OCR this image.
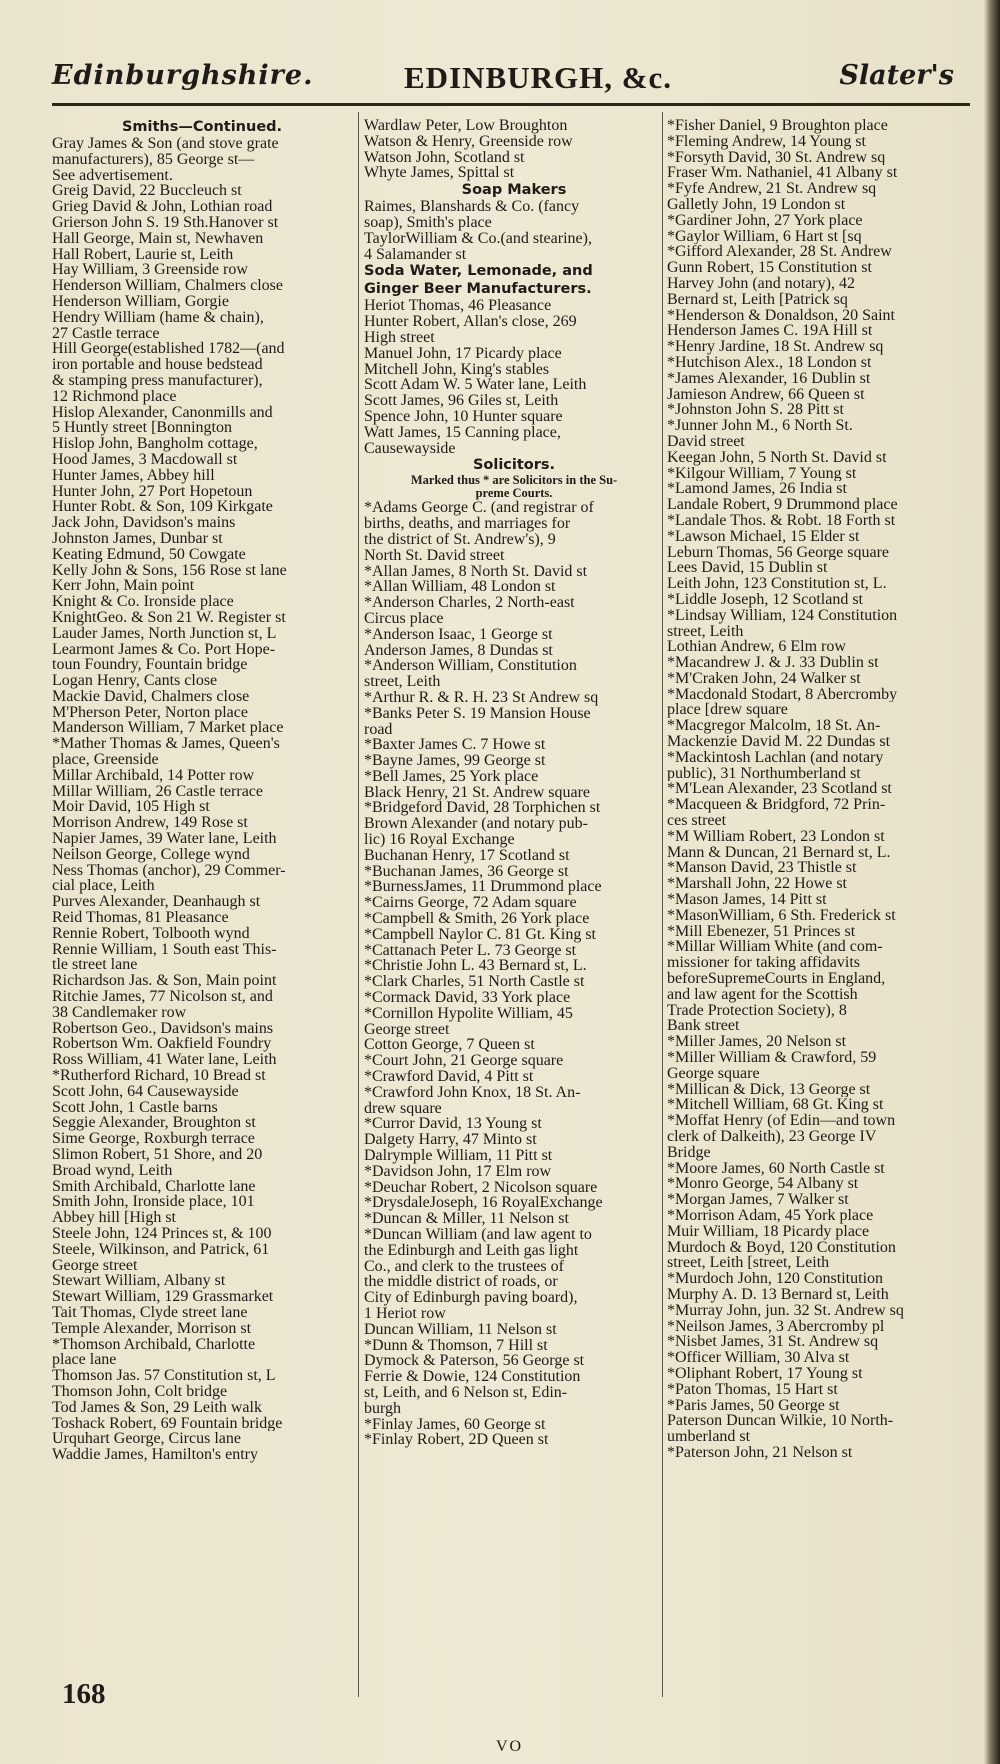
Edinburghshire.	EDINBURGH, &c.	Slater's
Smiths—Continued.
Gray James & Son (and stove grate
manufacturers), 85 George st—
See advertisement.
Greig David, 22 Buccleuch st
Grieg David & John, Lothian road
Grierson John S. 19 Sth.Hanover st
Hall George, Main st, Newhaven
Hall Robert, Laurie st, Leith
Hay William, 3 Greenside row
Henderson William, Chalmers close
Henderson William, Gorgie
Hendry William (hame & chain),
27 Castle terrace
Hill George(established 1782—(and
iron portable and house bedstead
& stamping press manufacturer),
12 Richmond place
Hislop Alexander, Canonmills and
5 Huntly street [Bonnington
Hislop John, Bangholm cottage,
Hood James, 3 Macdowall st
Hunter James, Abbey hill
Hunter John, 27 Port Hopetoun
Hunter Robt. & Son, 109 Kirkgate
Jack John, Davidson's mains
Johnston James, Dunbar st
Keating Edmund, 50 Cowgate
Kelly John & Sons, 156 Rose st lane
Kerr John, Main point
Knight & Co. Ironside place
KnightGeo. & Son 21 W. Register st
Lauder James, North Junction st, L
Learmont James & Co. Port Hope-
toun Foundry, Fountain bridge
Logan Henry, Cants close
Mackie David, Chalmers close
M'Pherson Peter, Norton place
Manderson William, 7 Market place
*Mather Thomas & James, Queen's
place, Greenside
Millar Archibald, 14 Potter row
Millar William, 26 Castle terrace
Moir David, 105 High st
Morrison Andrew, 149 Rose st
Napier James, 39 Water lane, Leith
Neilson George, College wynd
Ness Thomas (anchor), 29 Commer-
cial place, Leith
Purves Alexander, Deanhaugh st
Reid Thomas, 81 Pleasance
Rennie Robert, Tolbooth wynd
Rennie William, 1 South east This-
tle street lane
Richardson Jas. & Son, Main point
Ritchie James, 77 Nicolson st, and
38 Candlemaker row
Robertson Geo., Davidson's mains
Robertson Wm. Oakfield Foundry
Ross William, 41 Water lane, Leith
*Rutherford Richard, 10 Bread st
Scott John, 64 Causewayside
Scott John, 1 Castle barns
Seggie Alexander, Broughton st
Sime George, Roxburgh terrace
Slimon Robert, 51 Shore, and 20
Broad wynd, Leith
Smith Archibald, Charlotte lane
Smith John, Ironside place, 101
Abbey hill [High st
Steele John, 124 Princes st, & 100
Steele, Wilkinson, and Patrick, 61
George street
Stewart William, Albany st
Stewart William, 129 Grassmarket
Tait Thomas, Clyde street lane
Temple Alexander, Morrison st
*Thomson Archibald, Charlotte
place lane
Thomson Jas. 57 Constitution st, L
Thomson John, Colt bridge
Tod James & Son, 29 Leith walk
Toshack Robert, 69 Fountain bridge
Urquhart George, Circus lane
Waddie James, Hamilton's entry
Wardlaw Peter, Low Broughton
Watson & Henry, Greenside row
Watson John, Scotland st
Whyte James, Spittal st
Soap Makers
Raimes, Blanshards & Co. (fancy
soap), Smith's place
TaylorWilliam & Co.(and stearine),
4 Salamander st
Soda Water, Lemonade, and
Ginger Beer Manufacturers.
Heriot Thomas, 46 Pleasance
Hunter Robert, Allan's close, 269
High street
Manuel John, 17 Picardy place
Mitchell John, King's stables
Scott Adam W. 5 Water lane, Leith
Scott James, 96 Giles st, Leith
Spence John, 10 Hunter square
Watt James, 15 Canning place,
Causewayside
Solicitors.
Marked thus * are Solicitors in the Su-
preme Courts.
*Adams George C. (and registrar of
births, deaths, and marriages for
the district of St. Andrew's), 9
North St. David street
*Allan James, 8 North St. David st
*Allan William, 48 London st
*Anderson Charles, 2 North-east
Circus place
*Anderson Isaac, 1 George st
Anderson James, 8 Dundas st
*Anderson William, Constitution
street, Leith
*Arthur R. & R. H. 23 St Andrew sq
*Banks Peter S. 19 Mansion House
road
*Baxter James C. 7 Howe st
*Bayne James, 99 George st
*Bell James, 25 York place
Black Henry, 21 St. Andrew square
*Bridgeford David, 28 Torphichen st
Brown Alexander (and notary pub-
lic) 16 Royal Exchange
Buchanan Henry, 17 Scotland st
*Buchanan James, 36 George st
*BurnessJames, 11 Drummond place
*Cairns George, 72 Adam square
*Campbell & Smith, 26 York place
*Campbell Naylor C. 81 Gt. King st
*Cattanach Peter L. 73 George st
*Christie John L. 43 Bernard st, L.
*Clark Charles, 51 North Castle st
*Cormack David, 33 York place
*Cornillon Hypolite William, 45
George street
Cotton George, 7 Queen st
*Court John, 21 George square
*Crawford David, 4 Pitt st
*Crawford John Knox, 18 St. An-
drew square
*Curror David, 13 Young st
Dalgety Harry, 47 Minto st
Dalrymple William, 11 Pitt st
*Davidson John, 17 Elm row
*Deuchar Robert, 2 Nicolson square
*DrysdaleJoseph, 16 RoyalExchange
*Duncan & Miller, 11 Nelson st
*Duncan William (and law agent to
the Edinburgh and Leith gas light
Co., and clerk to the trustees of
the middle district of roads, or
City of Edinburgh paving board),
1 Heriot row
Duncan William, 11 Nelson st
*Dunn & Thomson, 7 Hill st
Dymock & Paterson, 56 George st
Ferrie & Dowie, 124 Constitution
st, Leith, and 6 Nelson st, Edin-
burgh
*Finlay James, 60 George st
*Finlay Robert, 2D Queen st
*Fisher Daniel, 9 Broughton place
*Fleming Andrew, 14 Young st
*Forsyth David, 30 St. Andrew sq
Fraser Wm. Nathaniel, 41 Albany st
*Fyfe Andrew, 21 St. Andrew sq
Galletly John, 19 London st
*Gardiner John, 27 York place
*Gaylor William, 6 Hart st [sq
*Gifford Alexander, 28 St. Andrew
Gunn Robert, 15 Constitution st
Harvey John (and notary), 42
Bernard st, Leith [Patrick sq
*Henderson & Donaldson, 20 Saint
Henderson James C. 19A Hill st
*Henry Jardine, 18 St. Andrew sq
*Hutchison Alex., 18 London st
*James Alexander, 16 Dublin st
Jamieson Andrew, 66 Queen st
*Johnston John S. 28 Pitt st
*Junner John M., 6 North St.
David street
Keegan John, 5 North St. David st
*Kilgour William, 7 Young st
*Lamond James, 26 India st
Landale Robert, 9 Drummond place
*Landale Thos. & Robt. 18 Forth st
*Lawson Michael, 15 Elder st
Leburn Thomas, 56 George square
Lees David, 15 Dublin st
Leith John, 123 Constitution st, L.
*Liddle Joseph, 12 Scotland st
*Lindsay William, 124 Constitution
street, Leith
Lothian Andrew, 6 Elm row
*Macandrew J. & J. 33 Dublin st
*M'Craken John, 24 Walker st
*Macdonald Stodart, 8 Abercromby
place [drew square
*Macgregor Malcolm, 18 St. An-
Mackenzie David M. 22 Dundas st
*Mackintosh Lachlan (and notary
public), 31 Northumberland st
*M'Lean Alexander, 23 Scotland st
*Macqueen & Bridgford, 72 Prin-
ces street
*M William Robert, 23 London st
Mann & Duncan, 21 Bernard st, L.
*Manson David, 23 Thistle st
*Marshall John, 22 Howe st
*Mason James, 14 Pitt st
*MasonWilliam, 6 Sth. Frederick st
*Mill Ebenezer, 51 Princes st
*Millar William White (and com-
missioner for taking affidavits
beforeSupremeCourts in England,
and law agent for the Scottish
Trade Protection Society), 8
Bank street
*Miller James, 20 Nelson st
*Miller William & Crawford, 59
George square
*Millican & Dick, 13 George st
*Mitchell William, 68 Gt. King st
*Moffat Henry (of Edin—and town
clerk of Dalkeith), 23 George IV
Bridge
*Moore James, 60 North Castle st
*Monro George, 54 Albany st
*Morgan James, 7 Walker st
*Morrison Adam, 45 York place
Muir William, 18 Picardy place
Murdoch & Boyd, 120 Constitution
street, Leith [street, Leith
*Murdoch John, 120 Constitution
Murphy A. D. 13 Bernard st, Leith
*Murray John, jun. 32 St. Andrew sq
*Neilson James, 3 Abercromby pl
*Nisbet James, 31 St. Andrew sq
*Officer William, 30 Alva st
*Oliphant Robert, 17 Young st
*Paton Thomas, 15 Hart st
*Paris James, 50 George st
Paterson Duncan Wilkie, 10 North-
umberland st
*Paterson John, 21 Nelson st
168
VO
